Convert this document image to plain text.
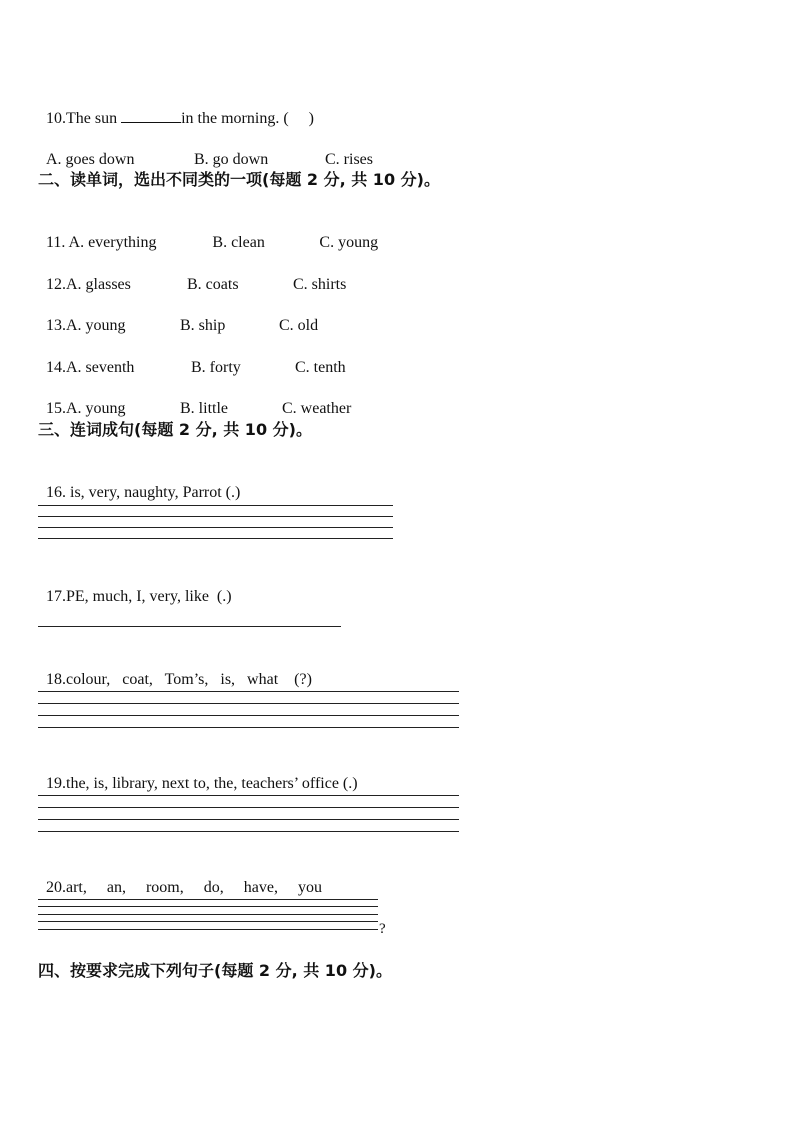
10.The sun	in the morning. (     )

A. goes down	B. go down	C. rises

二、读单词，选出不同类的一项(每题 2 分, 共 10 分)。

11. A. everything	B. clean	C. young

12.A. glasses	B. coats	C. shirts

13.A. young	B. ship	C. old

14.A. seventh	B. forty	C. tenth

15.A. young	B. little	C. weather

三、连词成句(每题 2 分, 共 10 分)。

16. is, very, naughty, Parrot (.)

17.PE, much, I, very, like  (.)

18.colour,   coat,   Tom’s,   is,   what    (?)

19.the, is, library, next to, the, teachers’ office (.)

20.art,     an,     room,     do,     have,     you

?
四、按要求完成下列句子(每题 2 分, 共 10 分)。
